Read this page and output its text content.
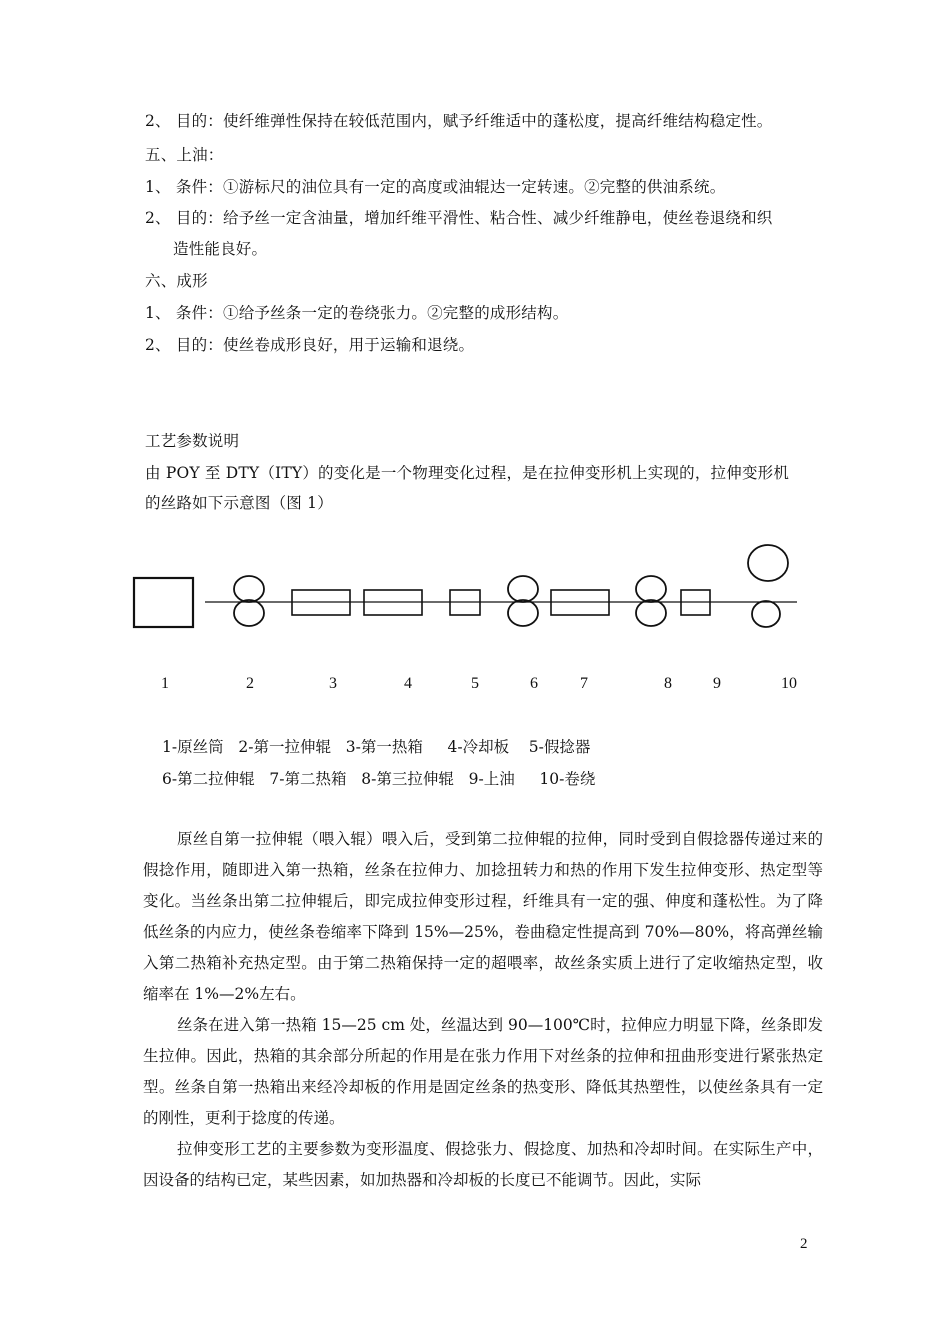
2、 目的：使纤维弹性保持在较低范围内，赋予纤维适中的蓬松度，提高纤维结构稳定性。
五、上油：
1、 条件：①游标尺的油位具有一定的高度或油辊达一定转速。②完整的供油系统。
2、 目的：给予丝一定含油量，增加纤维平滑性、粘合性、减少纤维静电，使丝卷退绕和织
造性能良好。
六、成形
1、 条件：①给予丝条一定的卷绕张力。②完整的成形结构。
2、 目的：使丝卷成形良好，用于运输和退绕。
工艺参数说明
由 POY 至 DTY（ITY）的变化是一个物理变化过程，是在拉伸变形机上实现的，拉伸变形机
的丝路如下示意图（图 1）
1	2	3	4	5	6	7	8	9	10
1-原丝筒   2-第一拉伸辊   3-第一热箱     4-冷却板    5-假捻器
6-第二拉伸辊   7-第二热箱   8-第三拉伸辊   9-上油     10-卷绕

原丝自第一拉伸辊（喂入辊）喂入后，受到第二拉伸辊的拉伸，同时受到自假捻器传递过来的假捻作用，随即进入第一热箱，丝条在拉伸力、加捻扭转力和热的作用下发生拉伸变形、热定型等变化。当丝条出第二拉伸辊后，即完成拉伸变形过程，纤维具有一定的强、伸度和蓬松性。为了降低丝条的内应力，使丝条卷缩率下降到 15%—25%，卷曲稳定性提高到 70%—80%，将高弹丝输入第二热箱补充热定型。由于第二热箱保持一定的超喂率，故丝条实质上进行了定收缩热定型，收缩率在 1%—2%左右。

丝条在进入第一热箱 15—25 cm 处，丝温达到 90—100℃时，拉伸应力明显下降，丝条即发生拉伸。因此，热箱的其余部分所起的作用是在张力作用下对丝条的拉伸和扭曲形变进行紧张热定型。丝条自第一热箱出来经冷却板的作用是固定丝条的热变形、降低其热塑性，以使丝条具有一定的刚性，更利于捻度的传递。

拉伸变形工艺的主要参数为变形温度、假捻张力、假捻度、加热和冷却时间。在实际生产中，因设备的结构已定，某些因素，如加热器和冷却板的长度已不能调节。因此，实际

2
